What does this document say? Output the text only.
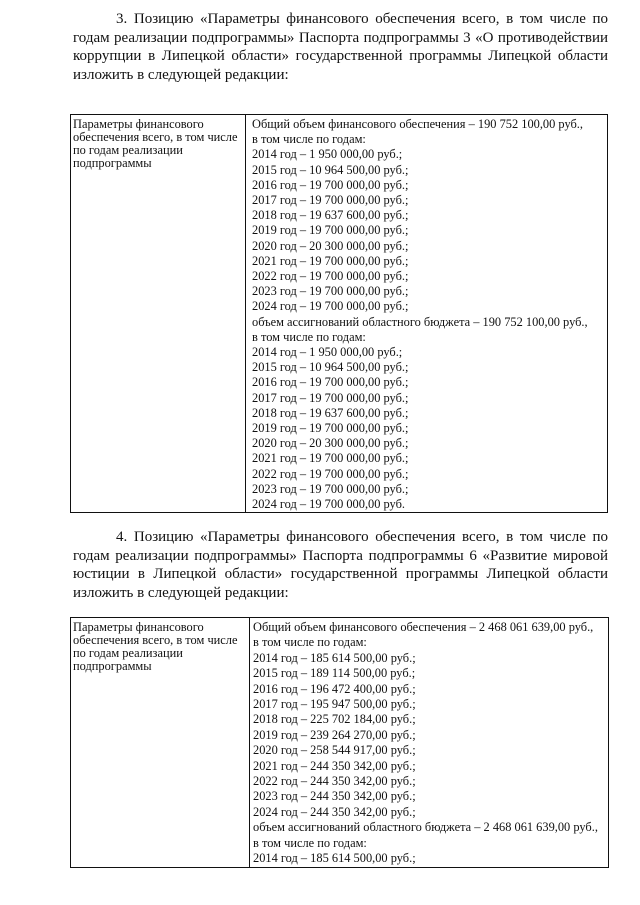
3. Позицию «Параметры финансового обеспечения всего, в том числе по годам реализации подпрограммы» Паспорта подпрограммы 3 «О противодействии коррупции в Липецкой области» государственной программы Липецкой области изложить в следующей редакции:

Параметры финансового обеспечения всего, в том числе по годам реализации подпрограммы	
Общий объем финансового обеспечения – 190 752 100,00 руб.,
в том числе по годам:
2014 год – 1 950 000,00 руб.;
2015 год – 10 964 500,00 руб.;
2016 год – 19 700 000,00 руб.;
2017 год – 19 700 000,00 руб.;
2018 год – 19 637 600,00 руб.;
2019 год – 19 700 000,00 руб.;
2020 год – 20 300 000,00 руб.;
2021 год – 19 700 000,00 руб.;
2022 год – 19 700 000,00 руб.;
2023 год – 19 700 000,00 руб.;
2024 год – 19 700 000,00 руб.;
объем ассигнований областного бюджета – 190 752 100,00 руб.,
в том числе по годам:
2014 год – 1 950 000,00 руб.;
2015 год – 10 964 500,00 руб.;
2016 год – 19 700 000,00 руб.;
2017 год – 19 700 000,00 руб.;
2018 год – 19 637 600,00 руб.;
2019 год – 19 700 000,00 руб.;
2020 год – 20 300 000,00 руб.;
2021 год – 19 700 000,00 руб.;
2022 год – 19 700 000,00 руб.;
2023 год – 19 700 000,00 руб.;
2024 год – 19 700 000,00 руб.

4. Позицию «Параметры финансового обеспечения всего, в том числе по годам реализации подпрограммы» Паспорта подпрограммы 6 «Развитие мировой юстиции в Липецкой области» государственной программы Липецкой области изложить в следующей редакции:

Параметры финансового обеспечения всего, в том числе по годам реализации подпрограммы	
Общий объем финансового обеспечения – 2 468 061 639,00 руб.,
в том числе по годам:
2014 год – 185 614 500,00 руб.;
2015 год – 189 114 500,00 руб.;
2016 год – 196 472 400,00 руб.;
2017 год – 195 947 500,00 руб.;
2018 год – 225 702 184,00 руб.;
2019 год – 239 264 270,00 руб.;
2020 год – 258 544 917,00 руб.;
2021 год – 244 350 342,00 руб.;
2022 год – 244 350 342,00 руб.;
2023 год – 244 350 342,00 руб.;
2024 год – 244 350 342,00 руб.;
объем ассигнований областного бюджета – 2 468 061 639,00 руб.,
в том числе по годам:
2014 год – 185 614 500,00 руб.;
